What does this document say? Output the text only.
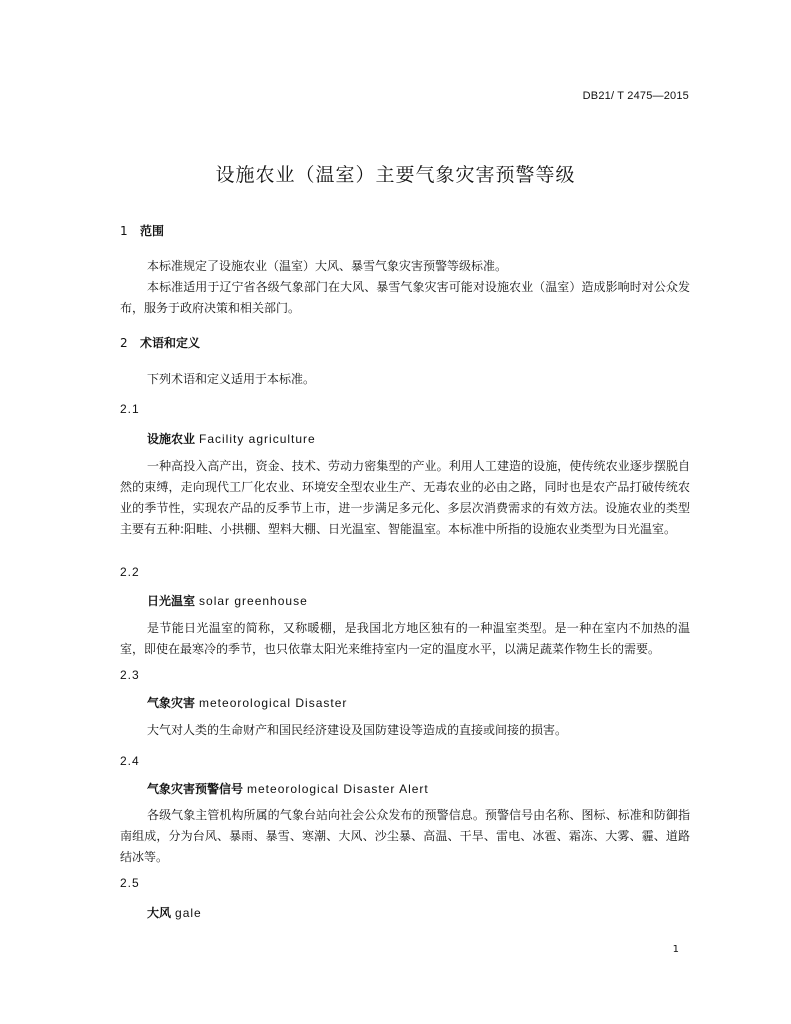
DB21/ T 2475—2015
设施农业（温室）主要气象灾害预警等级
1 范围

本标准规定了设施农业（温室）大风、暴雪气象灾害预警等级标准。

本标准适用于辽宁省各级气象部门在大风、暴雪气象灾害可能对设施农业（温室）造成影响时对公众发布，服务于政府决策和相关部门。

2 术语和定义

下列术语和定义适用于本标准。

2.1
设施农业 Facility agriculture

一种高投入高产出，资金、技术、劳动力密集型的产业。利用人工建造的设施，使传统农业逐步摆脱自然的束缚，走向现代工厂化农业、环境安全型农业生产、无毒农业的必由之路，同时也是农产品打破传统农业的季节性，实现农产品的反季节上市，进一步满足多元化、多层次消费需求的有效方法。设施农业的类型主要有五种:阳畦、小拱棚、塑料大棚、日光温室、智能温室。本标准中所指的设施农业类型为日光温室。

2.2
日光温室 solar greenhouse

是节能日光温室的简称，又称暖棚，是我国北方地区独有的一种温室类型。是一种在室内不加热的温室，即使在最寒冷的季节，也只依靠太阳光来维持室内一定的温度水平，以满足蔬菜作物生长的需要。

2.3
气象灾害 meteorological Disaster

大气对人类的生命财产和国民经济建设及国防建设等造成的直接或间接的损害。

2.4
气象灾害预警信号 meteorological Disaster Alert

各级气象主管机构所属的气象台站向社会公众发布的预警信息。预警信号由名称、图标、标准和防御指南组成，分为台风、暴雨、暴雪、寒潮、大风、沙尘暴、高温、干旱、雷电、冰雹、霜冻、大雾、霾、道路结冰等。

2.5
大风 gale
1
